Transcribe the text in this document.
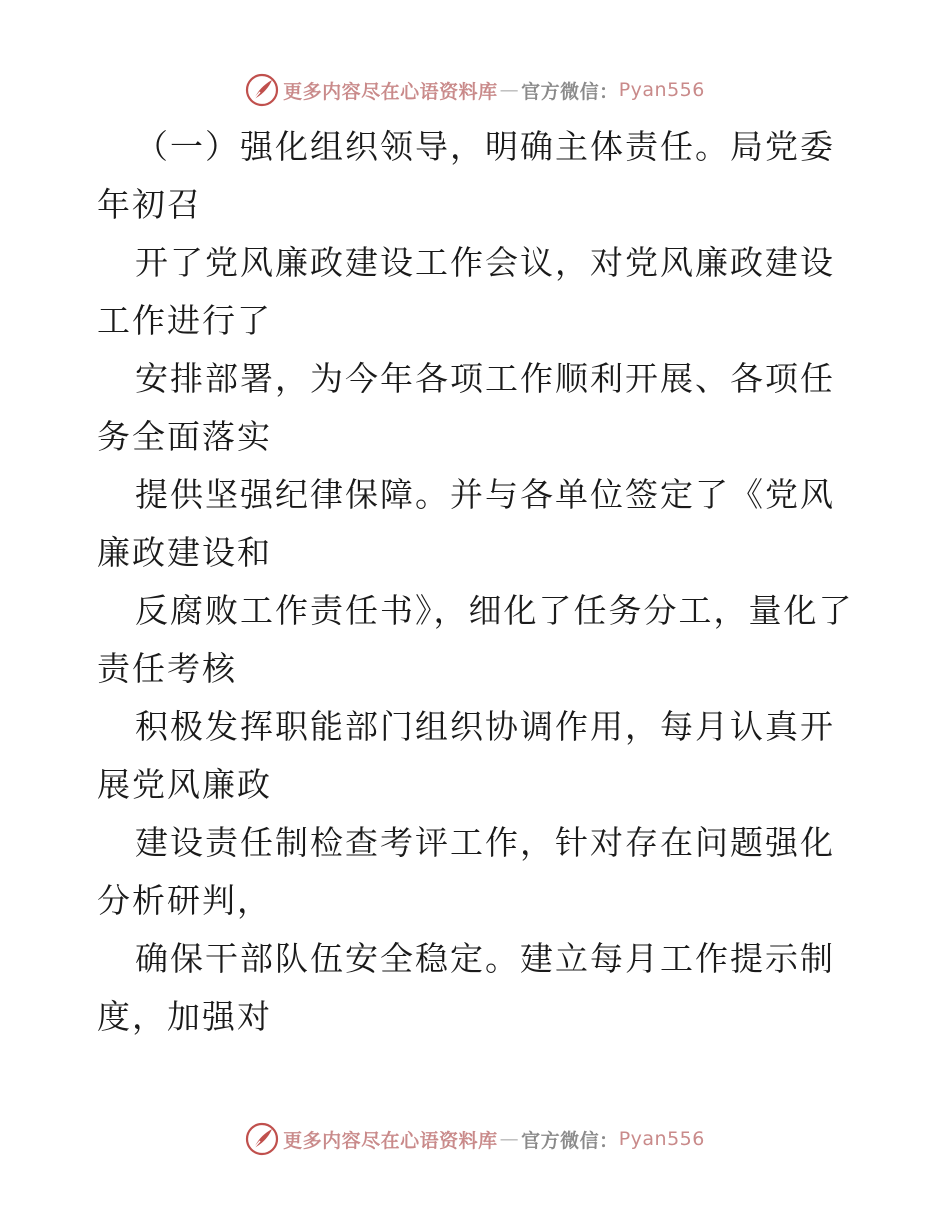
更多内容尽在心语资料库 — 官方微信： Pyan556

（一）强化组织领导，明确主体责任。局党委年初召

开了党风廉政建设工作会议，对党风廉政建设工作进行了

安排部署，为今年各项工作顺利开展、各项任务全面落实

提供坚强纪律保障。并与各单位签定了《党风廉政建设和

反腐败工作责任书》，细化了任务分工，量化了责任考核

积极发挥职能部门组织协调作用，每月认真开展党风廉政

建设责任制检查考评工作，针对存在问题强化分析研判，

确保干部队伍安全稳定。建立每月工作提示制度，加强对

更多内容尽在心语资料库 — 官方微信： Pyan556
